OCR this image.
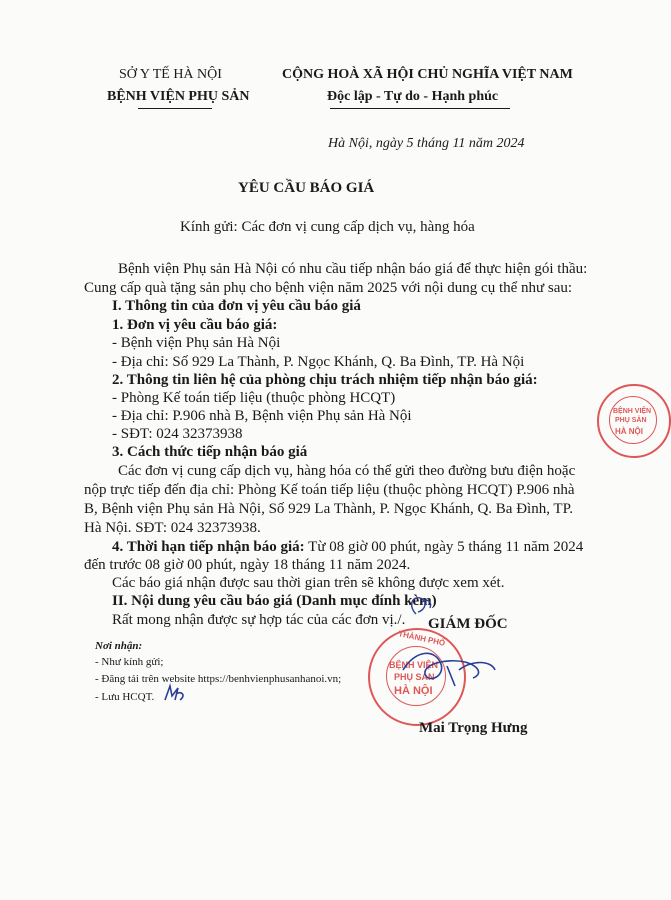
SỞ Y TẾ HÀ NỘI
BỆNH VIỆN PHỤ SẢN
CỘNG HOÀ XÃ HỘI CHỦ NGHĨA VIỆT NAM
Độc lập - Tự do - Hạnh phúc
Hà Nội, ngày 5 tháng 11 năm 2024
YÊU CẦU BÁO GIÁ
Kính gửi: Các đơn vị cung cấp dịch vụ, hàng hóa
Bệnh viện Phụ sản Hà Nội có nhu cầu tiếp nhận báo giá để thực hiện gói thầu:
Cung cấp quà tặng sản phụ cho bệnh viện năm 2025 với nội dung cụ thể như sau:
I. Thông tin của đơn vị yêu cầu báo giá
1. Đơn vị yêu cầu báo giá:
- Bệnh viện Phụ sản Hà Nội
- Địa chỉ: Số 929 La Thành, P. Ngọc Khánh, Q. Ba Đình, TP. Hà Nội
2. Thông tin liên hệ của phòng chịu trách nhiệm tiếp nhận báo giá:
- Phòng Kế toán tiếp liệu (thuộc phòng HCQT)
- Địa chỉ: P.906 nhà B, Bệnh viện Phụ sản Hà Nội
- SĐT: 024 32373938
3. Cách thức tiếp nhận báo giá
Các đơn vị cung cấp dịch vụ, hàng hóa có thể gửi theo đường bưu điện hoặc
nộp trực tiếp đến địa chỉ: Phòng Kế toán tiếp liệu (thuộc phòng HCQT) P.906 nhà
B, Bệnh viện Phụ sản Hà Nội, Số 929 La Thành, P. Ngọc Khánh, Q. Ba Đình, TP.
Hà Nội. SĐT: 024 32373938.
4. Thời hạn tiếp nhận báo giá: Từ 08 giờ 00 phút, ngày 5 tháng 11 năm 2024
đến trước 08 giờ 00 phút, ngày 18 tháng 11 năm 2024.
Các báo giá nhận được sau thời gian trên sẽ không được xem xét.
II. Nội dung yêu cầu báo giá (Danh mục đính kèm)
Rất mong nhận được sự hợp tác của các đơn vị./.
Nơi nhận:
- Như kính gửi;
- Đăng tải trên website https://benhvienphusanhanoi.vn;
- Lưu HCQT.
GIÁM ĐỐC
THÀNH PHỐ
BỆNH VIỆN
PHỤ SẢN
HÀ NỘI
Mai Trọng Hưng
BỆNH VIỆN
PHỤ SẢN
HÀ NỘI
